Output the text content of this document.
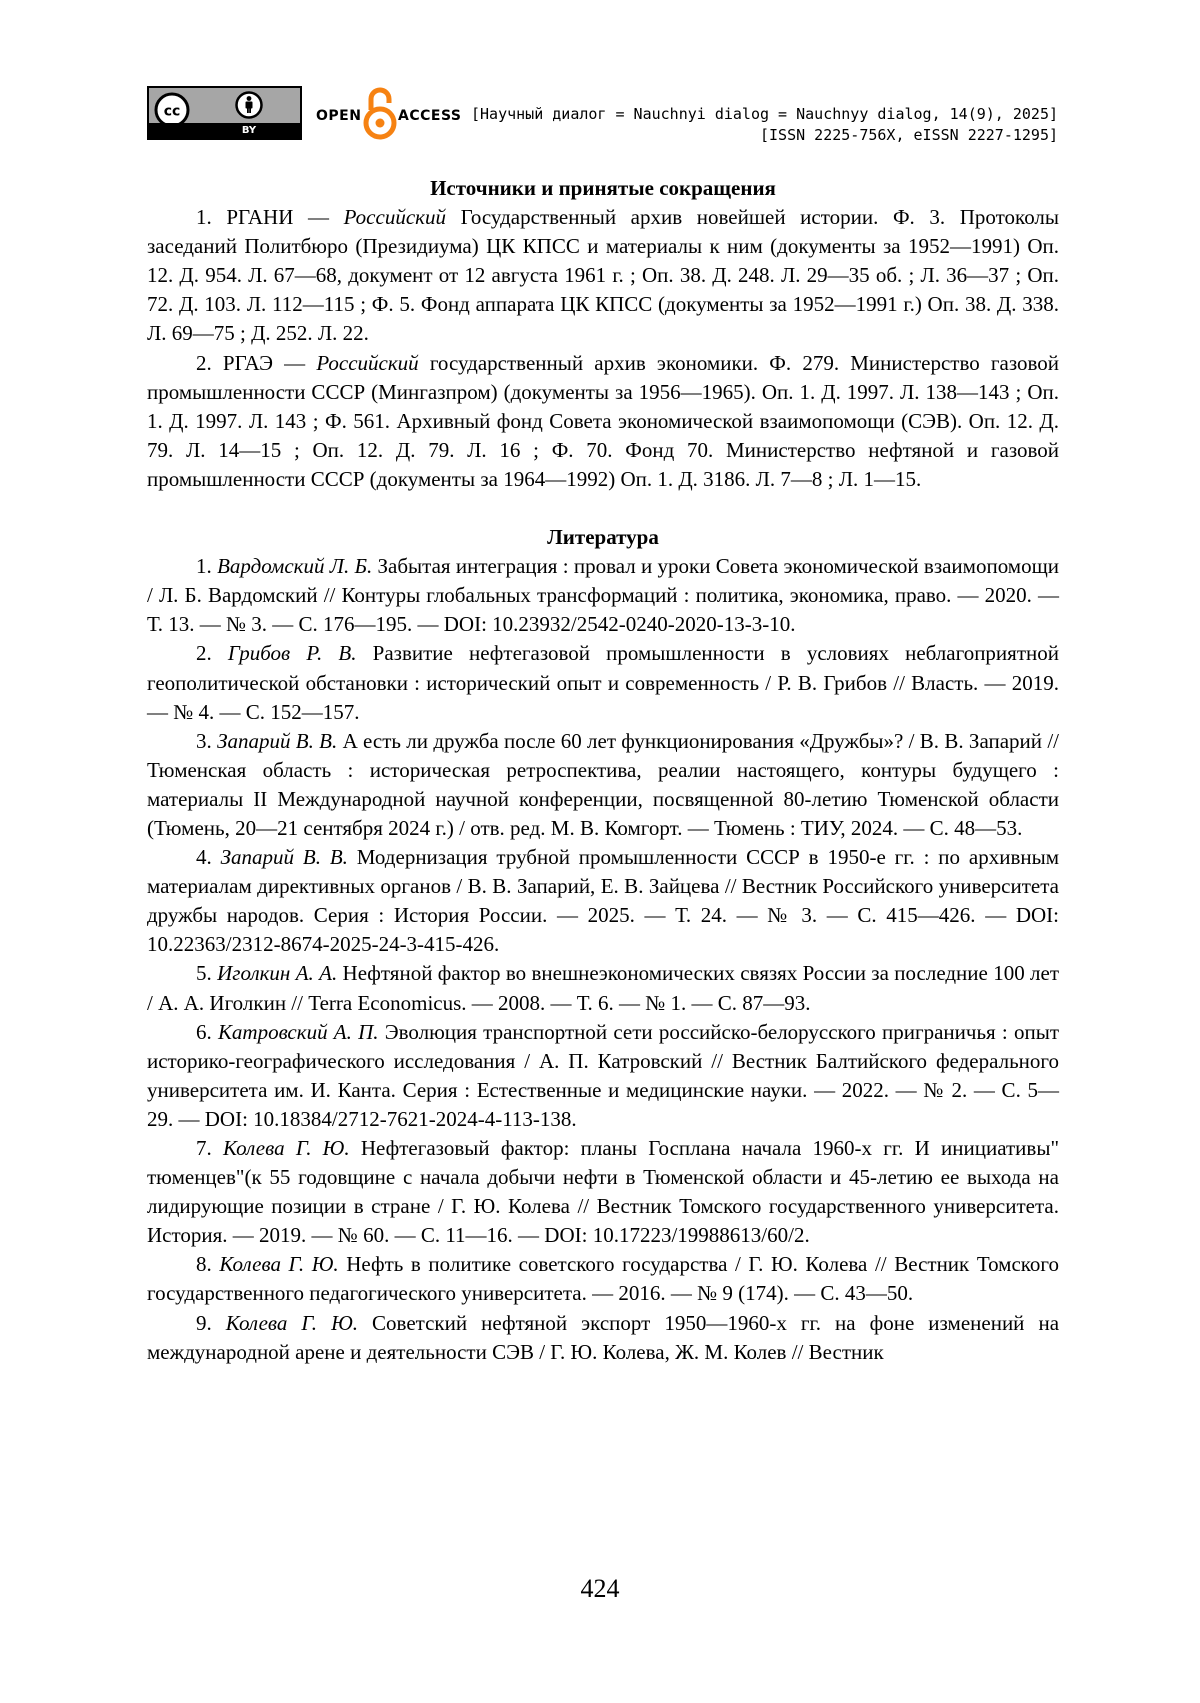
cc
BY
OPEN	ACCESS [Научный диалог = Nauchnyi dialog = Nauchnyy dialog, 14(9), 2025]
[ISSN 2225-756X, eISSN 2227-1295]
Источники и принятые сокращения

1. РГАНИ — Российский Государственный архив новейшей истории. Ф. 3. Протоколы заседаний Политбюро (Президиума) ЦК КПСС и материалы к ним (документы за 1952—1991) Оп. 12. Д. 954. Л. 67—68, документ от 12 августа 1961 г. ; Оп. 38. Д. 248. Л. 29—35 об. ; Л. 36—37 ; Оп. 72. Д. 103. Л. 112—115 ; Ф. 5. Фонд аппарата ЦК КПСС (документы за 1952—1991 г.) Оп. 38. Д. 338. Л. 69—75 ; Д. 252. Л. 22.

2. РГАЭ — Российский государственный архив экономики. Ф. 279. Министерство газовой промышленности СССР (Мингазпром) (документы за 1956—1965). Оп. 1. Д. 1997. Л. 138—143 ; Оп. 1. Д. 1997. Л. 143 ; Ф. 561. Архивный фонд Совета экономической взаимопомощи (СЭВ). Оп. 12. Д. 79. Л. 14—15 ; Оп. 12. Д. 79. Л. 16 ; Ф. 70. Фонд 70. Министерство нефтяной и газовой промышленности СССР (документы за 1964—1992) Оп. 1. Д. 3186. Л. 7—8 ; Л. 1—15.

Литература

1. Вардомский Л. Б. Забытая интеграция : провал и уроки Совета экономической взаимопомощи / Л. Б. Вардомский // Контуры глобальных трансформаций : политика, экономика, право. — 2020. — Т. 13. — № 3. — С. 176—195. — DOI: 10.23932/2542-0240-2020-13-3-10.

2. Грибов Р. В. Развитие нефтегазовой промышленности в условиях неблагоприятной геополитической обстановки : исторический опыт и современность / Р. В. Грибов // Власть. — 2019. — № 4. — С. 152—157.

3. Запарий В. В. А есть ли дружба после 60 лет функционирования «Дружбы»? / В. В. Запарий // Тюменская область : историческая ретроспектива, реалии настоящего, контуры будущего : материалы II Международной научной конференции, посвященной 80-летию Тюменской области (Тюмень, 20—21 сентября 2024 г.) / отв. ред. М. В. Комгорт. — Тюмень : ТИУ, 2024. — С. 48—53.

4. Запарий В. В. Модернизация трубной промышленности СССР в 1950-е гг. : по архивным материалам директивных органов / В. В. Запарий, Е. В. Зайцева // Вестник Российского университета дружбы народов. Серия : История России. — 2025. — Т. 24. — № 3. — С. 415—426. — DOI: 10.22363/2312-8674-2025-24-3-415-426.

5. Иголкин А. А. Нефтяной фактор во внешнеэкономических связях России за последние 100 лет / А. А. Иголкин // Terra Economicus. — 2008. — Т. 6. — № 1. — С. 87—93.

6. Катровский А. П. Эволюция транспортной сети российско-белорусского приграничья : опыт историко-географического исследования / А. П. Катровский // Вестник Балтийского федерального университета им. И. Канта. Серия : Естественные и медицинские науки. — 2022. — № 2. — С. 5—29. — DOI: 10.18384/2712-7621-2024-4-113-138.

7. Колева Г. Ю. Нефтегазовый фактор: планы Госплана начала 1960-х гг. И инициативы" тюменцев"(к 55 годовщине с начала добычи нефти в Тюменской области и 45-летию ее выхода на лидирующие позиции в стране / Г. Ю. Колева // Вестник Томского государственного университета. История. — 2019. — № 60. — С. 11—16. — DOI: 10.17223/19988613/60/2.

8. Колева Г. Ю. Нефть в политике советского государства / Г. Ю. Колева // Вестник Томского государственного педагогического университета. — 2016. — № 9 (174). — С. 43—50.

9. Колева Г. Ю. Советский нефтяной экспорт 1950—1960-х гг. на фоне изменений на международной арене и деятельности СЭВ / Г. Ю. Колева, Ж. М. Колев // Вестник

424
